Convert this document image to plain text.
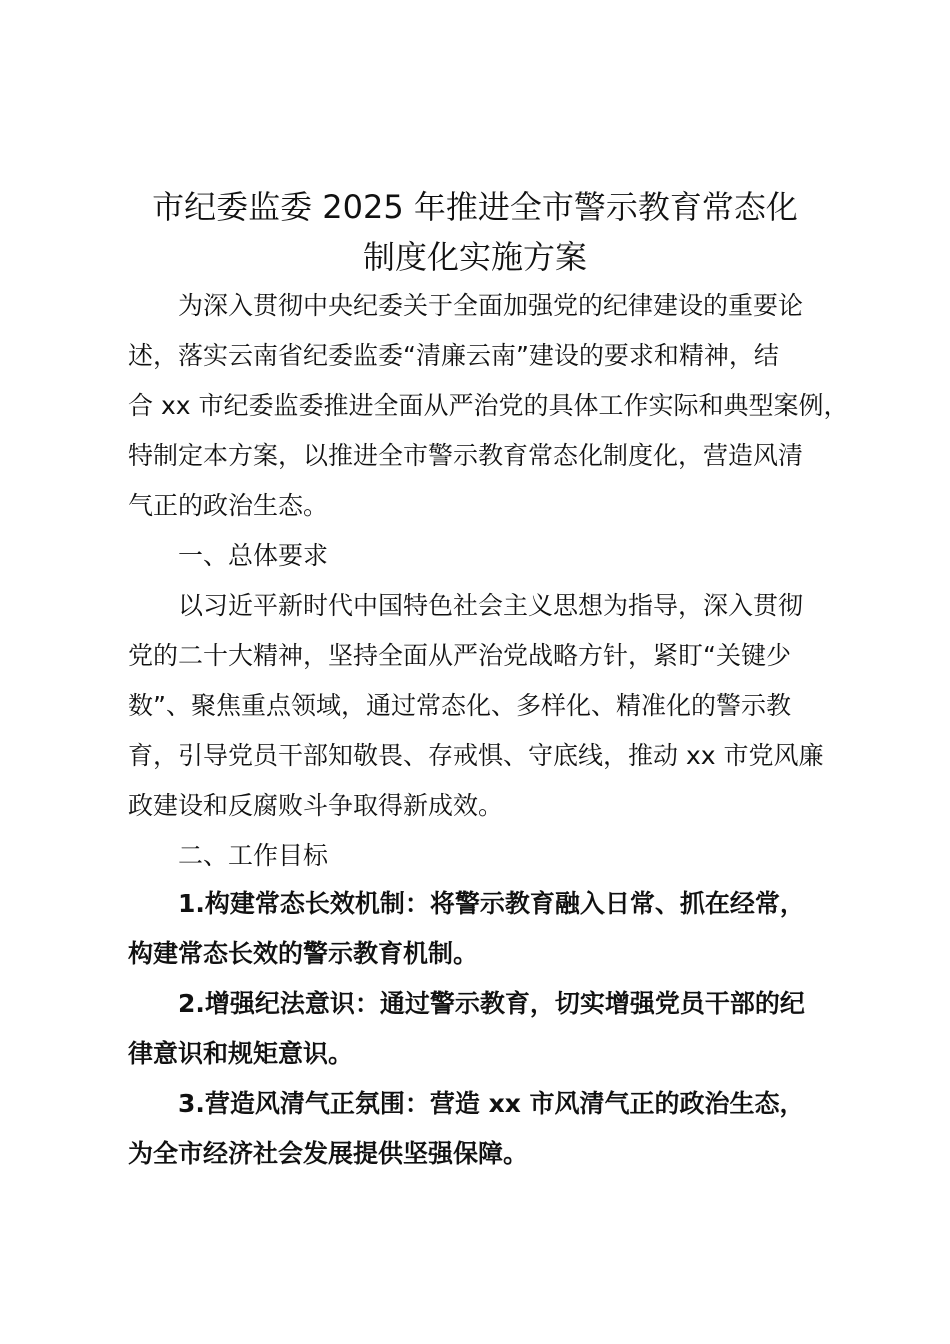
市纪委监委 2025 年推进全市警示教育常态化

制度化实施方案

为深入贯彻中央纪委关于全面加强党的纪律建设的重要论

述，落实云南省纪委监委“清廉云南”建设的要求和精神，结

合 xx 市纪委监委推进全面从严治党的具体工作实际和典型案例，

特制定本方案，以推进全市警示教育常态化制度化，营造风清

气正的政治生态。

一、总体要求

以习近平新时代中国特色社会主义思想为指导，深入贯彻

党的二十大精神，坚持全面从严治党战略方针，紧盯“关键少

数”、聚焦重点领域，通过常态化、多样化、精准化的警示教

育，引导党员干部知敬畏、存戒惧、守底线，推动 xx 市党风廉

政建设和反腐败斗争取得新成效。

二、工作目标

1.构建常态长效机制：将警示教育融入日常、抓在经常，

构建常态长效的警示教育机制。

2.增强纪法意识：通过警示教育，切实增强党员干部的纪

律意识和规矩意识。

3.营造风清气正氛围：营造 xx 市风清气正的政治生态，

为全市经济社会发展提供坚强保障。
